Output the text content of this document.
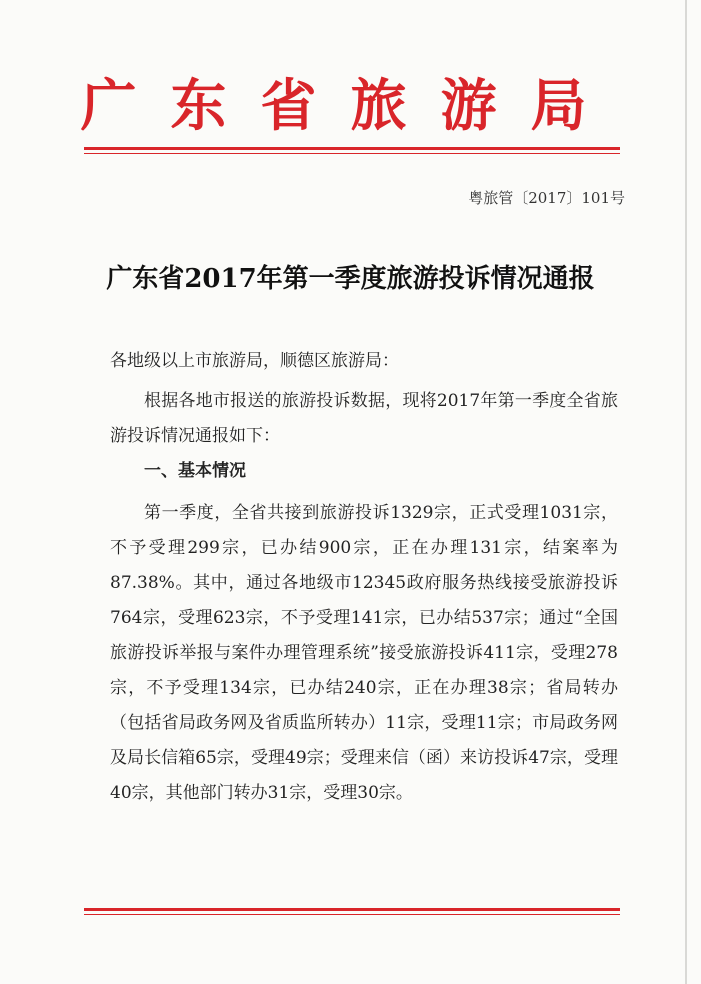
广东省旅游局
粤旅管〔2017〕101号
广东省2017年第一季度旅游投诉情况通报
各地级以上市旅游局，顺德区旅游局：
根据各地市报送的旅游投诉数据，现将2017年第一季度全省旅游投诉情况通报如下：
一、基本情况
第一季度，全省共接到旅游投诉1329宗，正式受理1031宗，不予受理299宗，已办结900宗，正在办理131宗，结案率为87.38%。其中，通过各地级市12345政府服务热线接受旅游投诉764宗，受理623宗，不予受理141宗，已办结537宗；通过“全国旅游投诉举报与案件办理管理系统”接受旅游投诉411宗，受理278宗，不予受理134宗，已办结240宗，正在办理38宗；省局转办（包括省局政务网及省质监所转办）11宗，受理11宗；市局政务网及局长信箱65宗，受理49宗；受理来信（函）来访投诉47宗，受理40宗，其他部门转办31宗，受理30宗。
